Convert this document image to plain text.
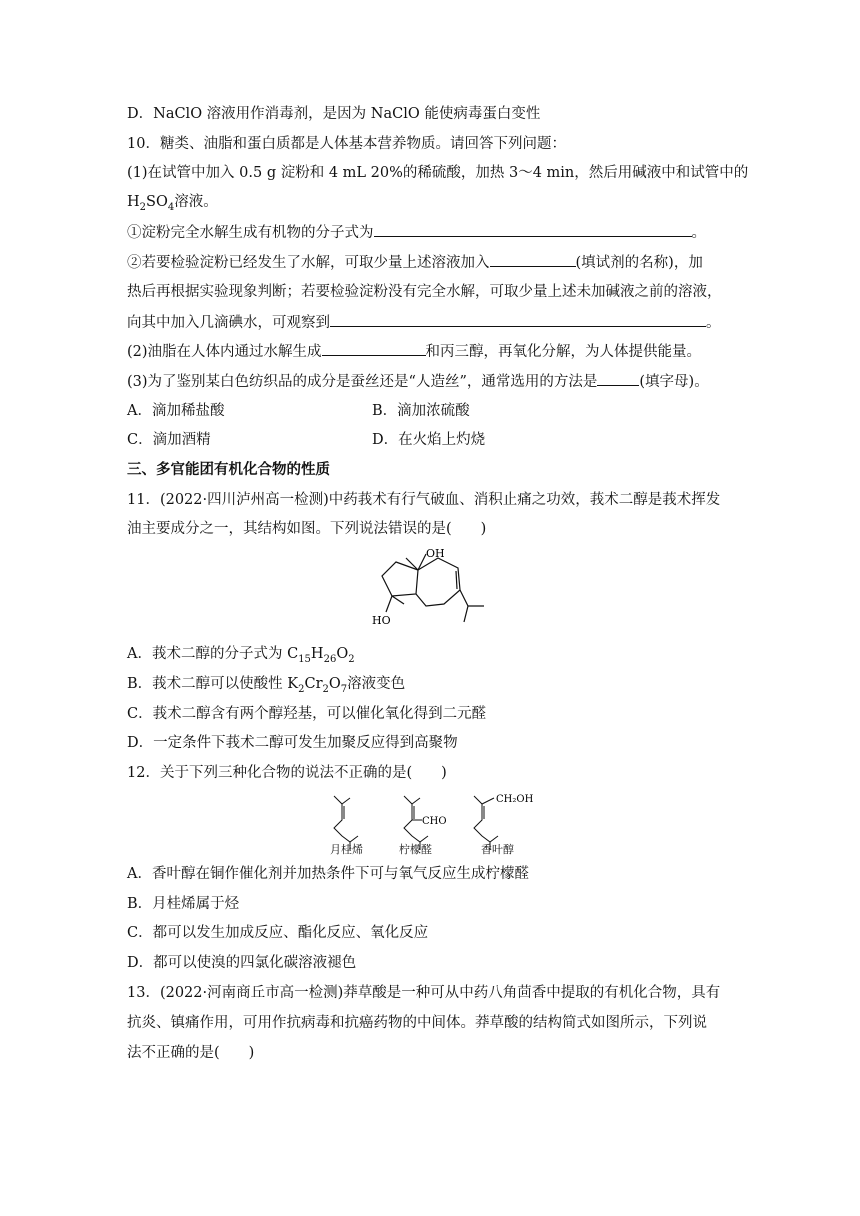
D．NaClO 溶液用作消毒剂，是因为 NaClO 能使病毒蛋白变性
10．糖类、油脂和蛋白质都是人体基本营养物质。请回答下列问题：
(1)在试管中加入 0.5 g 淀粉和 4 mL 20%的稀硫酸，加热 3～4 min，然后用碱液中和试管中的
$H_2SO_4$溶液。
①淀粉完全水解生成有机物的分子式为	。
②若要检验淀粉已经发生了水解，可取少量上述溶液加入	(填试剂的名称)，加
热后再根据实验现象判断；若要检验淀粉没有完全水解，可取少量上述未加碱液之前的溶液，
向其中加入几滴碘水，可观察到	。
(2)油脂在人体内通过水解生成	和丙三醇，再氧化分解，为人体提供能量。
(3)为了鉴别某白色纺织品的成分是蚕丝还是“人造丝”，通常选用的方法是	(填字母)。
A．滴加稀盐酸	B．滴加浓硫酸
C．滴加酒精	D．在火焰上灼烧
三、多官能团有机化合物的性质
11．(2022·四川泸州高一检测)中药莪术有行气破血、消积止痛之功效，莪术二醇是莪术挥发
油主要成分之一，其结构如图。下列说法错误的是(　　)
OH
HO
A．莪术二醇的分子式为 $C_{15}H_{26}O_2$
B．莪术二醇可以使酸性 $K_2Cr_2O_7$溶液变色
C．莪术二醇含有两个醇羟基，可以催化氧化得到二元醛
D．一定条件下莪术二醇可发生加聚反应得到高聚物
12．关于下列三种化合物的说法不正确的是(　　)
CHO
CH₂OH
月桂烯	柠檬醛	香叶醇
A．香叶醇在铜作催化剂并加热条件下可与氧气反应生成柠檬醛
B．月桂烯属于烃
C．都可以发生加成反应、酯化反应、氧化反应
D．都可以使溴的四氯化碳溶液褪色
13．(2022·河南商丘市高一检测)莽草酸是一种可从中药八角茴香中提取的有机化合物，具有
抗炎、镇痛作用，可用作抗病毒和抗癌药物的中间体。莽草酸的结构简式如图所示，下列说
法不正确的是(　　)
